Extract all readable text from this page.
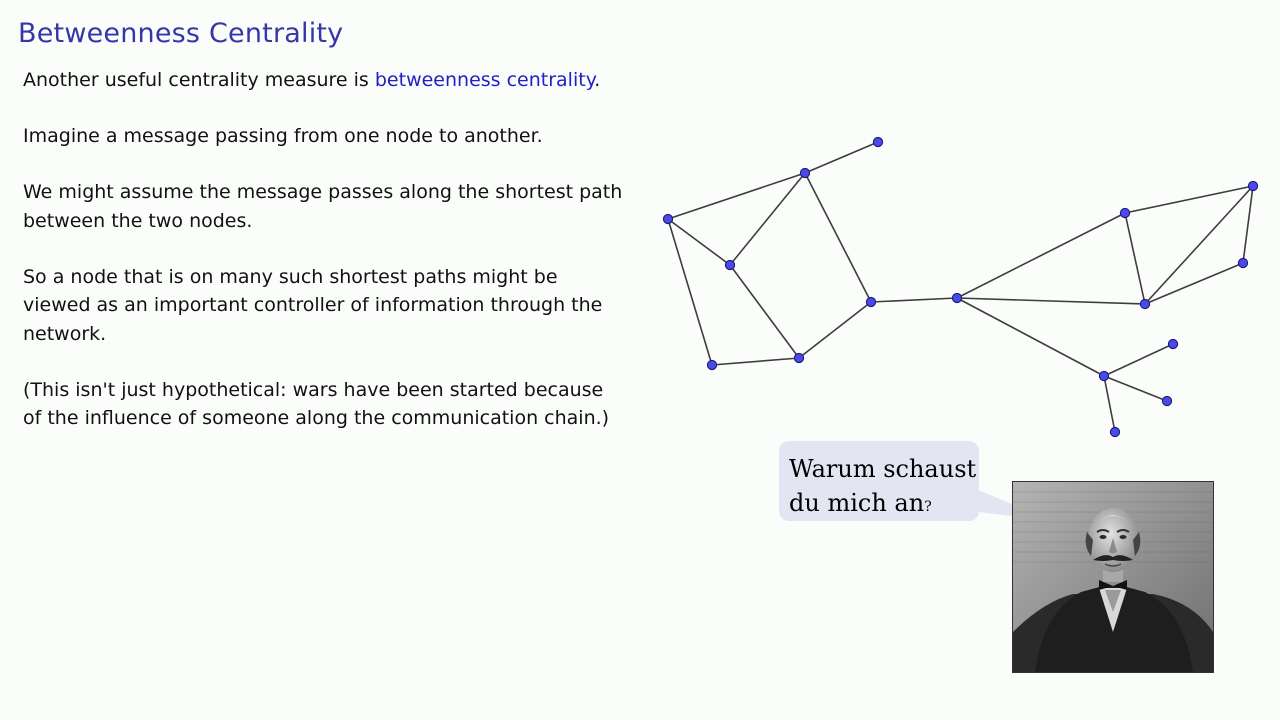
Betweenness Centrality

Another useful centrality measure is betweenness centrality.

Imagine a message passing from one node to another.

We might assume the message passes along the shortest path between the two nodes.

So a node that is on many such shortest paths might be viewed as an important controller of information through the network.

(This isn't just hypothetical: wars have been started because of the influence of someone along the communication chain.)

Warum schaust
du mich an?
